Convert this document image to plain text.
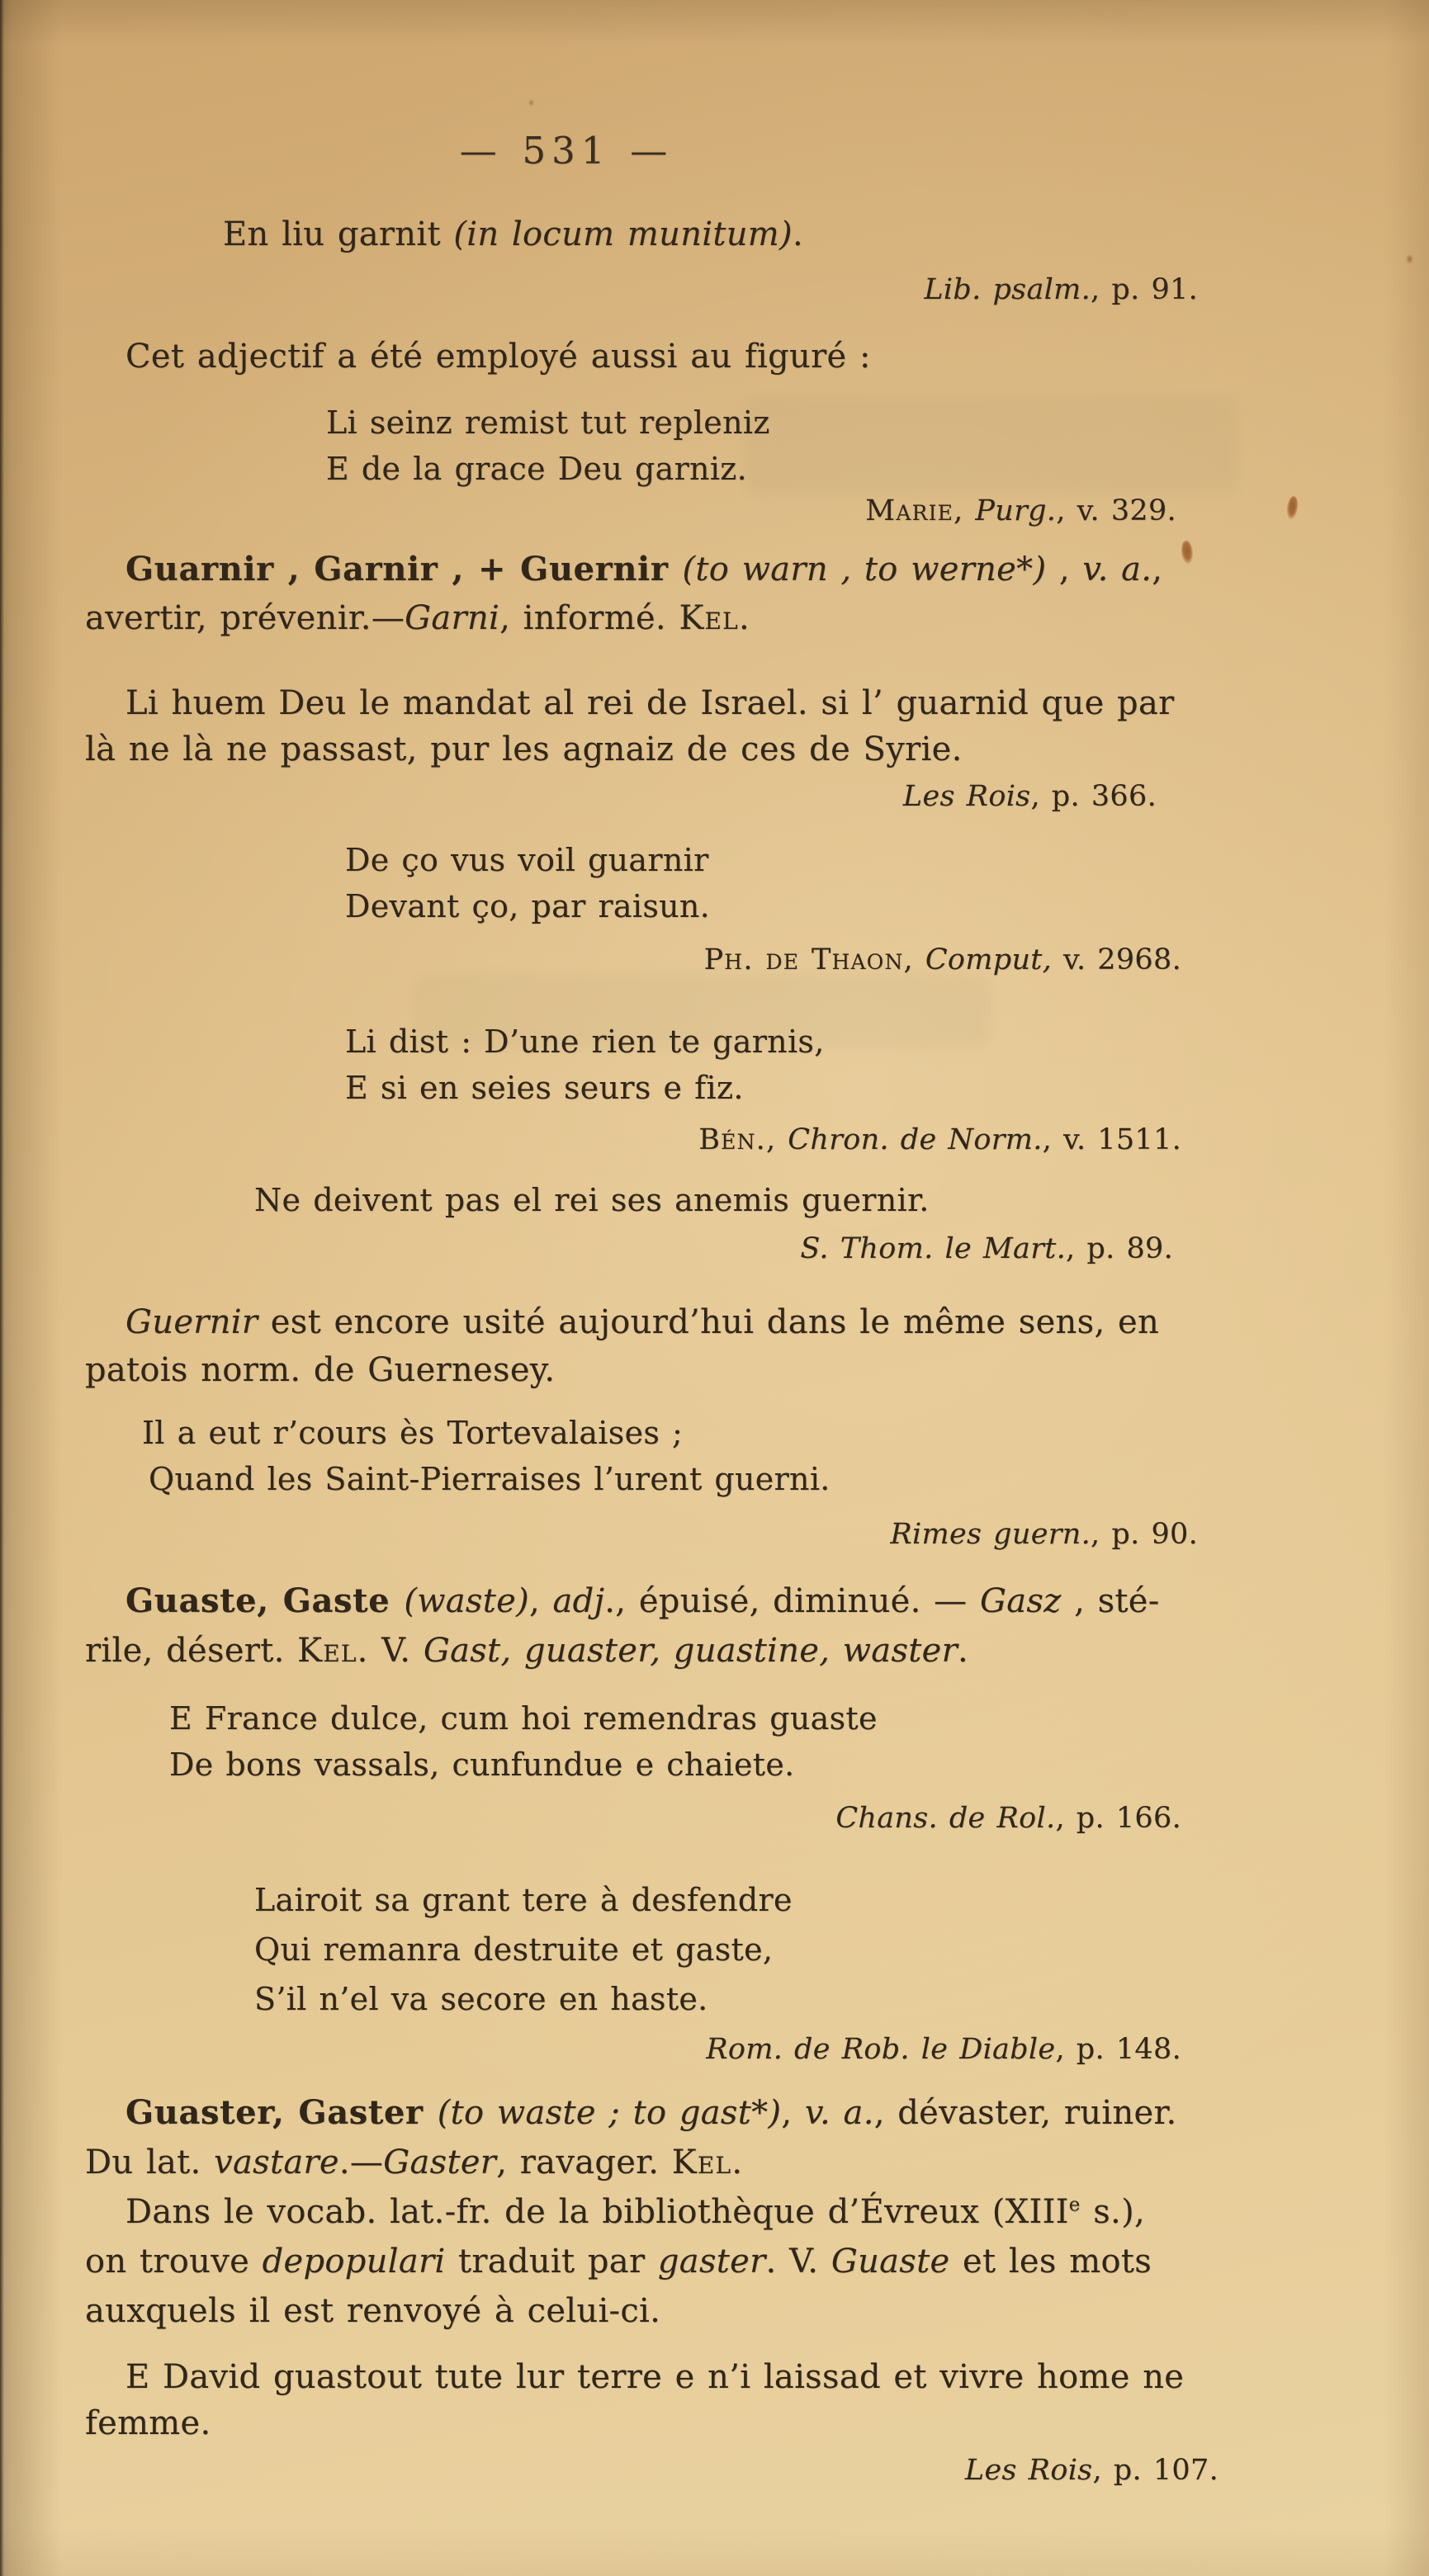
— 531 —
En liu garnit (in locum munitum).
Lib. psalm., p. 91.
Cet adjectif a été employé aussi au figuré :
Li seinz remist tut repleniz
E de la grace Deu garniz.
Marie, Purg., v. 329.
Guarnir , Garnir , + Guernir (to warn , to werne*) , v. a.,
avertir, prévenir.—Garni, informé. Kel.
Li huem Deu le mandat al rei de Israel. si l’ guarnid que par
là ne là ne passast, pur les agnaiz de ces de Syrie.
Les Rois, p. 366.
De ço vus voil guarnir
Devant ço, par raisun.
Ph. de Thaon, Comput, v. 2968.
Li dist : D’une rien te garnis,
E si en seies seurs e fiz.
Bén., Chron. de Norm., v. 1511.
Ne deivent pas el rei ses anemis guernir.
S. Thom. le Mart., p. 89.
Guernir est encore usité aujourd’hui dans le même sens, en
patois norm. de Guernesey.
Il a eut r’cours ès Tortevalaises ;
Quand les Saint-Pierraises l’urent guerni.
Rimes guern., p. 90.
Guaste, Gaste (waste), adj., épuisé, diminué. — Gasz , sté-
rile, désert. Kel. V. Gast, guaster, guastine, waster.
E France dulce, cum hoi remendras guaste
De bons vassals, cunfundue e chaiete.
Chans. de Rol., p. 166.
Lairoit sa grant tere à desfendre
Qui remanra destruite et gaste,
S’il n’el va secore en haste.
Rom. de Rob. le Diable, p. 148.
Guaster, Gaster (to waste ; to gast*), v. a., dévaster, ruiner.
Du lat. vastare.—Gaster, ravager. Kel.
Dans le vocab. lat.-fr. de la bibliothèque d’Évreux (XIIIe s.),
on trouve depopulari traduit par gaster. V. Guaste et les mots
auxquels il est renvoyé à celui-ci.
E David guastout tute lur terre e n’i laissad et vivre home ne
femme.
Les Rois, p. 107.
